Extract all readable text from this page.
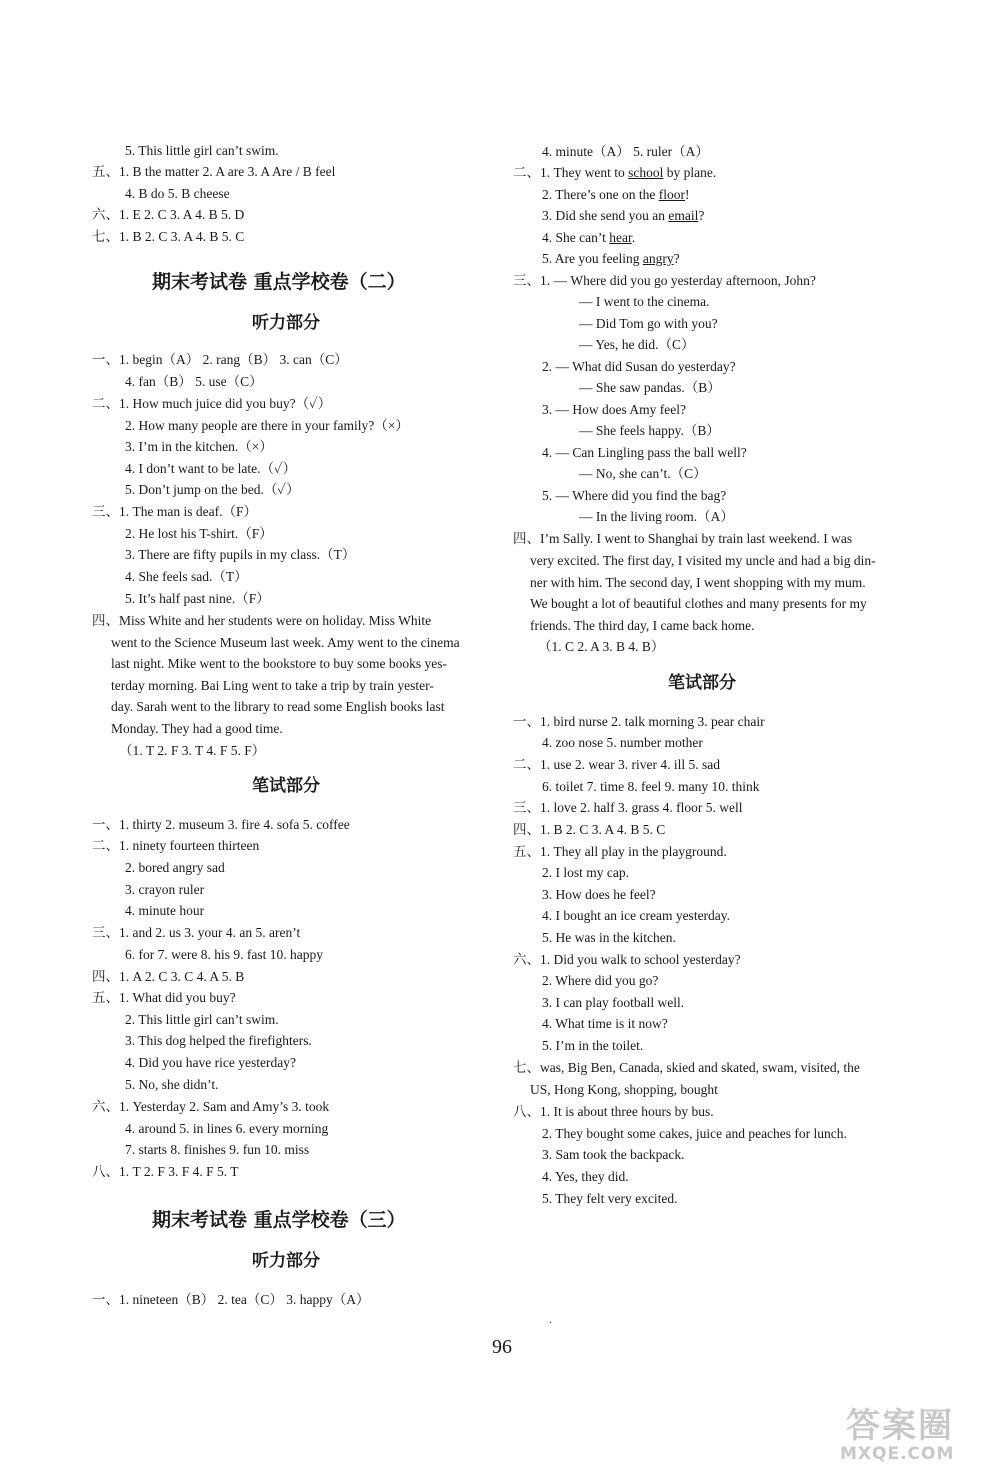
5. This little girl can’t swim.
五、1. B the matter 2. A are 3. A Are / B feel
4. B do 5. B cheese
六、1. E 2. C 3. A 4. B 5. D
七、1. B 2. C 3. A 4. B 5. C
期末考试卷 重点学校卷（二）
听力部分
一、1. begin（A） 2. rang（B） 3. can（C）
4. fan（B） 5. use（C）
二、1. How much juice did you buy?（✓）
2. How many people are there in your family?（×）
3. I’m in the kitchen.（×）
4. I don’t want to be late.（✓）
5. Don’t jump on the bed.（✓）
三、1. The man is deaf.（F）
2. He lost his T-shirt.（F）
3. There are fifty pupils in my class.（T）
4. She feels sad.（T）
5. It’s half past nine.（F）
四、Miss White and her students were on holiday. Miss White
went to the Science Museum last week. Amy went to the cinema
last night. Mike went to the bookstore to buy some books yes-
terday morning. Bai Ling went to take a trip by train yester-
day. Sarah went to the library to read some English books last
Monday. They had a good time.
（1. T 2. F 3. T 4. F 5. F）
笔试部分
一、1. thirty 2. museum 3. fire 4. sofa 5. coffee
二、1. ninety fourteen thirteen
2. bored angry sad
3. crayon ruler
4. minute hour
三、1. and 2. us 3. your 4. an 5. aren’t
6. for 7. were 8. his 9. fast 10. happy
四、1. A 2. C 3. C 4. A 5. B
五、1. What did you buy?
2. This little girl can’t swim.
3. This dog helped the firefighters.
4. Did you have rice yesterday?
5. No, she didn’t.
六、1. Yesterday 2. Sam and Amy’s 3. took
4. around 5. in lines 6. every morning
7. starts 8. finishes 9. fun 10. miss
八、1. T 2. F 3. F 4. F 5. T
期末考试卷 重点学校卷（三）
听力部分
一、1. nineteen（B） 2. tea（C） 3. happy（A）
4. minute（A） 5. ruler（A）
二、1. They went to school by plane.
2. There’s one on the floor!
3. Did she send you an email?
4. She can’t hear.
5. Are you feeling angry?
三、1. — Where did you go yesterday afternoon, John?
— I went to the cinema.
— Did Tom go with you?
— Yes, he did.（C）
2. — What did Susan do yesterday?
— She saw pandas.（B）
3. — How does Amy feel?
— She feels happy.（B）
4. — Can Lingling pass the ball well?
— No, she can’t.（C）
5. — Where did you find the bag?
— In the living room.（A）
四、I’m Sally. I went to Shanghai by train last weekend. I was
very excited. The first day, I visited my uncle and had a big din-
ner with him. The second day, I went shopping with my mum.
We bought a lot of beautiful clothes and many presents for my
friends. The third day, I came back home.
（1. C 2. A 3. B 4. B）
笔试部分
一、1. bird nurse 2. talk morning 3. pear chair
4. zoo nose 5. number mother
二、1. use 2. wear 3. river 4. ill 5. sad
6. toilet 7. time 8. feel 9. many 10. think
三、1. love 2. half 3. grass 4. floor 5. well
四、1. B 2. C 3. A 4. B 5. C
五、1. They all play in the playground.
2. I lost my cap.
3. How does he feel?
4. I bought an ice cream yesterday.
5. He was in the kitchen.
六、1. Did you walk to school yesterday?
2. Where did you go?
3. I can play football well.
4. What time is it now?
5. I’m in the toilet.
七、was, Big Ben, Canada, skied and skated, swam, visited, the
US, Hong Kong, shopping, bought
八、1. It is about three hours by bus.
2. They bought some cakes, juice and peaches for lunch.
3. Sam took the backpack.
4. Yes, they did.
5. They felt very excited.
96
·
答案圈
MXQE.COM
